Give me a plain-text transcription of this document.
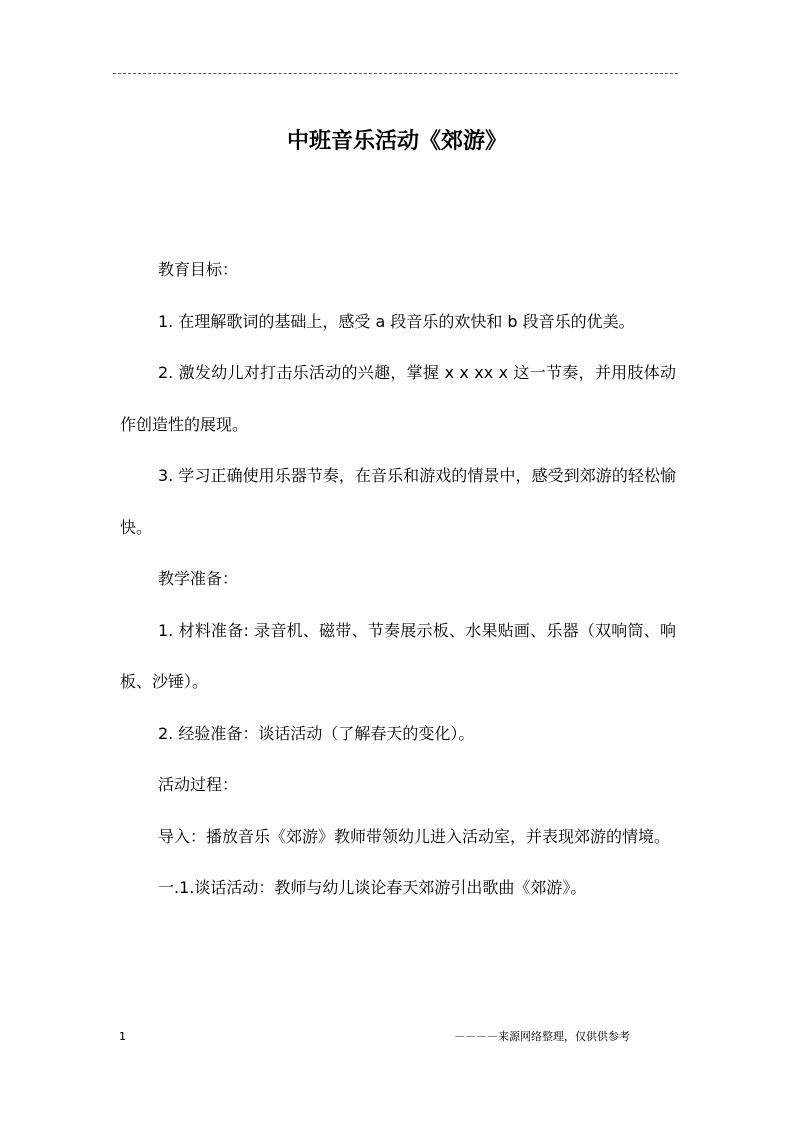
中班音乐活动《郊游》

教育目标：

1. 在理解歌词的基础上，感受 a 段音乐的欢快和 b 段音乐的优美。

2. 激发幼儿对打击乐活动的兴趣，掌握 x x xx x 这一节奏，并用肢体动作创造性的展现。

3. 学习正确使用乐器节奏，在音乐和游戏的情景中，感受到郊游的轻松愉快。

教学准备：

1. 材料准备: 录音机、磁带、节奏展示板、水果贴画、乐器（双响筒、响板、沙锤）。

2. 经验准备：谈话活动（了解春天的变化）。

活动过程：

导入：播放音乐《郊游》教师带领幼儿进入活动室，并表现郊游的情境。

一.1.谈话活动：教师与幼儿谈论春天郊游引出歌曲《郊游》。

1	－－－－来源网络整理，仅供供参考
